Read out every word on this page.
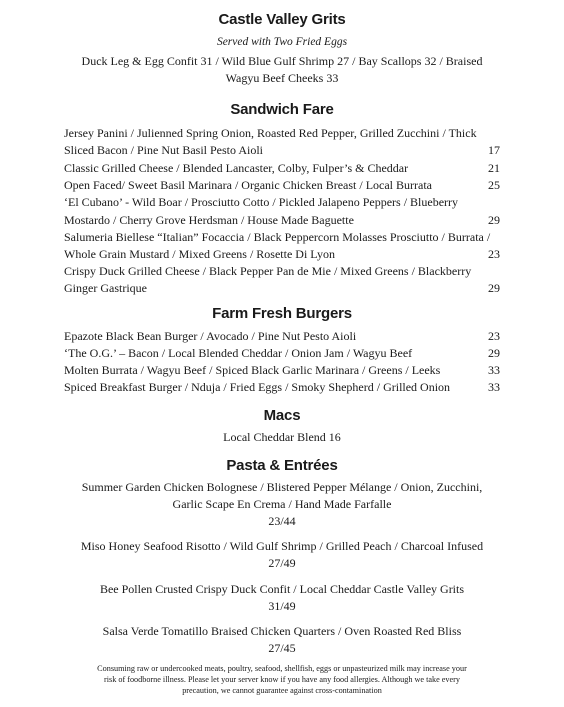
Castle Valley Grits
Served with Two Fried Eggs
Duck Leg & Egg Confit 31 / Wild Blue Gulf Shrimp 27 / Bay Scallops 32 / Braised
Wagyu Beef Cheeks 33
Sandwich Fare
Jersey Panini / Julienned Spring Onion, Roasted Red Pepper, Grilled Zucchini / Thick
Sliced Bacon / Pine Nut Basil Pesto Aioli	17
Classic Grilled Cheese / Blended Lancaster, Colby, Fulper’s & Cheddar	21
Open Faced/ Sweet Basil Marinara / Organic Chicken Breast / Local Burrata	25
‘El Cubano’ - Wild Boar / Prosciutto Cotto / Pickled Jalapeno Peppers / Blueberry
Mostardo / Cherry Grove Herdsman / House Made Baguette	29
Salumeria Biellese “Italian” Focaccia / Black Peppercorn Molasses Prosciutto / Burrata /
Whole Grain Mustard / Mixed Greens / Rosette Di Lyon	23
Crispy Duck Grilled Cheese / Black Pepper Pan de Mie / Mixed Greens / Blackberry
Ginger Gastrique	29
Farm Fresh Burgers
Epazote Black Bean Burger / Avocado / Pine Nut Pesto Aioli	23
‘The O.G.’ – Bacon / Local Blended Cheddar / Onion Jam / Wagyu Beef	29
Molten Burrata / Wagyu Beef / Spiced Black Garlic Marinara / Greens / Leeks	33
Spiced Breakfast Burger / Nduja / Fried Eggs / Smoky Shepherd / Grilled Onion	33
Macs
Local Cheddar Blend 16
Pasta & Entrées
Summer Garden Chicken Bolognese / Blistered Pepper Mélange / Onion, Zucchini,
Garlic Scape En Crema / Hand Made Farfalle
23/44
Miso Honey Seafood Risotto / Wild Gulf Shrimp / Grilled Peach / Charcoal Infused
27/49
Bee Pollen Crusted Crispy Duck Confit / Local Cheddar Castle Valley Grits
31/49
Salsa Verde Tomatillo Braised Chicken Quarters / Oven Roasted Red Bliss
27/45
Consuming raw or undercooked meats, poultry, seafood, shellfish, eggs or unpasteurized milk may increase your
risk of foodborne illness. Please let your server know if you have any food allergies. Although we take every
precaution, we cannot guarantee against cross-contamination
